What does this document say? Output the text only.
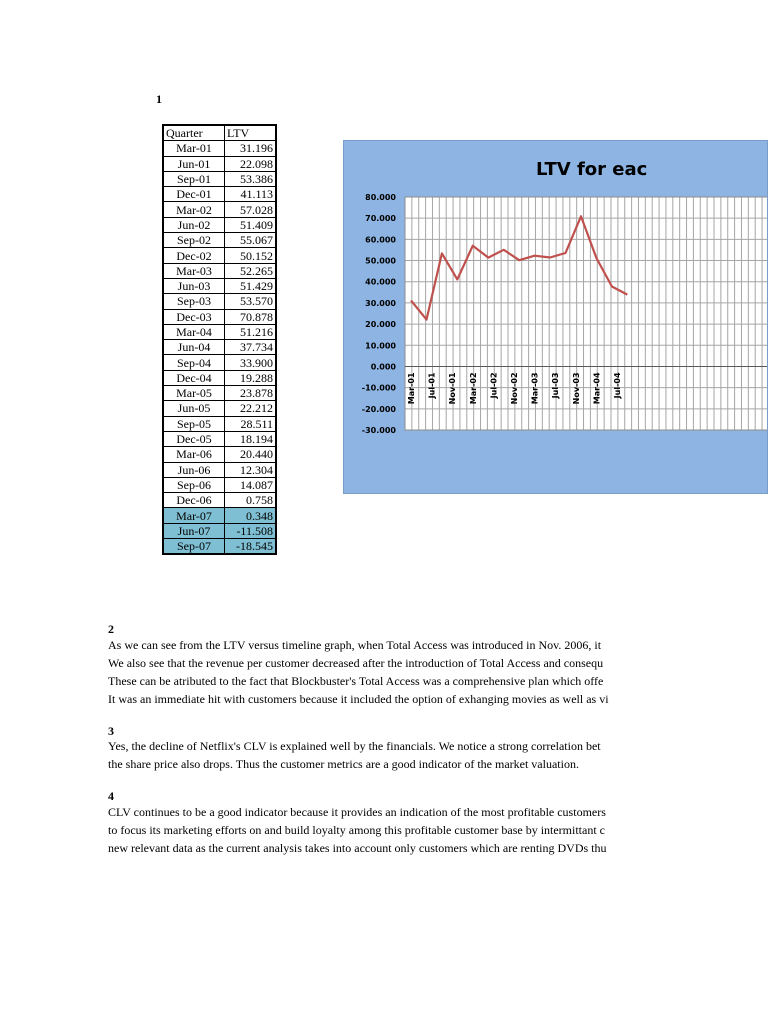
1
Quarter	LTV
Mar-01	31.196
Jun-01	22.098
Sep-01	53.386
Dec-01	41.113
Mar-02	57.028
Jun-02	51.409
Sep-02	55.067
Dec-02	50.152
Mar-03	52.265
Jun-03	51.429
Sep-03	53.570
Dec-03	70.878
Mar-04	51.216
Jun-04	37.734
Sep-04	33.900
Dec-04	19.288
Mar-05	23.878
Jun-05	22.212
Sep-05	28.511
Dec-05	18.194
Mar-06	20.440
Jun-06	12.304
Sep-06	14.087
Dec-06	0.758
Mar-07	0.348
Jun-07	-11.508
Sep-07	-18.545
LTV for eac
80.000
70.000
60.000
50.000
40.000
30.000
20.000
10.000
0.000
-10.000
-20.000
-30.000
Mar-01 Jul-01 Nov-01 Mar-02 Jul-02 Nov-02 Mar-03 Jul-03 Nov-03 Mar-04 Jul-04
2
As we can see from the LTV versus timeline graph, when Total Access was introduced in Nov. 2006, it
We also see that the revenue per customer decreased after the introduction of Total Access and consequ
These can be atributed to the fact that Blockbuster's Total Access was a comprehensive plan which offe
It was an immediate hit with customers because it included the option of exhanging movies as well as vi
3
Yes, the decline of Netflix's CLV is explained well by the financials. We notice a strong correlation bet
the share price also drops. Thus the customer metrics are a good indicator of the market valuation.
4
CLV continues to be a good indicator because it provides an indication of the most profitable customers
to focus its marketing efforts on and build loyalty among this profitable customer base by intermittant c
new relevant data as the current analysis takes into account only customers which are renting DVDs thu
